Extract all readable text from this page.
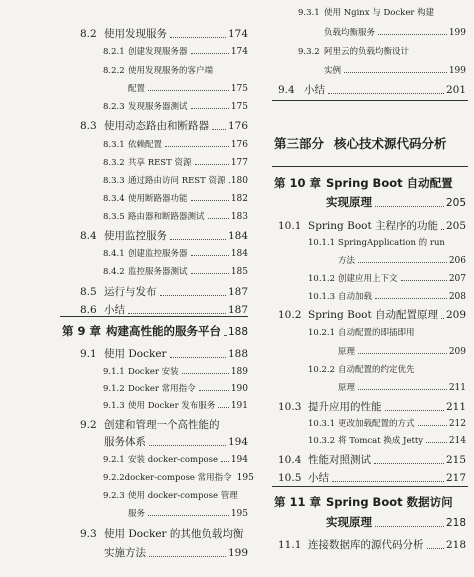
8.2 使用发现服务	174
8.2.1 创建发现服务器	174
8.2.2 使用发现服务的客户端
配置	175
8.2.3 发现服务器测试	175
8.3 使用动态路由和断路器 176
8.3.1 依赖配置	176
8.3.2 共享 REST 资源	177
8.3.3 通过路由访问 REST 资源 180
8.3.4 使用断路器功能	182
8.3.5 路由器和断路器测试	183
8.4 使用监控服务	184
8.4.1 创建监控服务器	184
8.4.2 监控服务器测试	185
8.5 运行与发布	187
8.6 小结	187
第 9 章 构建高性能的服务平台 188
9.1 使用 Docker	188
9.1.1 Docker 安装	189
9.1.2 Docker 常用指令	190
9.1.3 使用 Docker 发布服务 191
9.2 创建和管理一个高性能的
服务体系	194
9.2.1 安装 docker-compose 194
9.2.2 docker-compose 常用指令 195
9.2.3 使用 docker-compose 管理
服务	195
9.3 使用 Docker 的其他负载均衡
实施方法	199
9.3.1 使用 Nginx 与 Docker 构建
负载均衡服务	199
9.3.2 阿里云的负载均衡设计
实例	199
9.4 小结	201
第三部分 核心技术源代码分析
第 10 章 Spring Boot 自动配置
实现原理	205
10.1 Spring Boot 主程序的功能 205
10.1.1 SpringApplication 的 run
方法	206
10.1.2 创建应用上下文	207
10.1.3 自动加载	208
10.2 Spring Boot 自动配置原理 209
10.2.1 自动配置的即插即用
原理	209
10.2.2 自动配置的约定优先
原理	211
10.3 提升应用的性能	211
10.3.1 更改加载配置的方式	212
10.3.2 将 Tomcat 换成 Jetty	214
10.4 性能对照测试	215
10.5 小结	217
第 11 章 Spring Boot 数据访问
实现原理	218
11.1 连接数据库的源代码分析 218
